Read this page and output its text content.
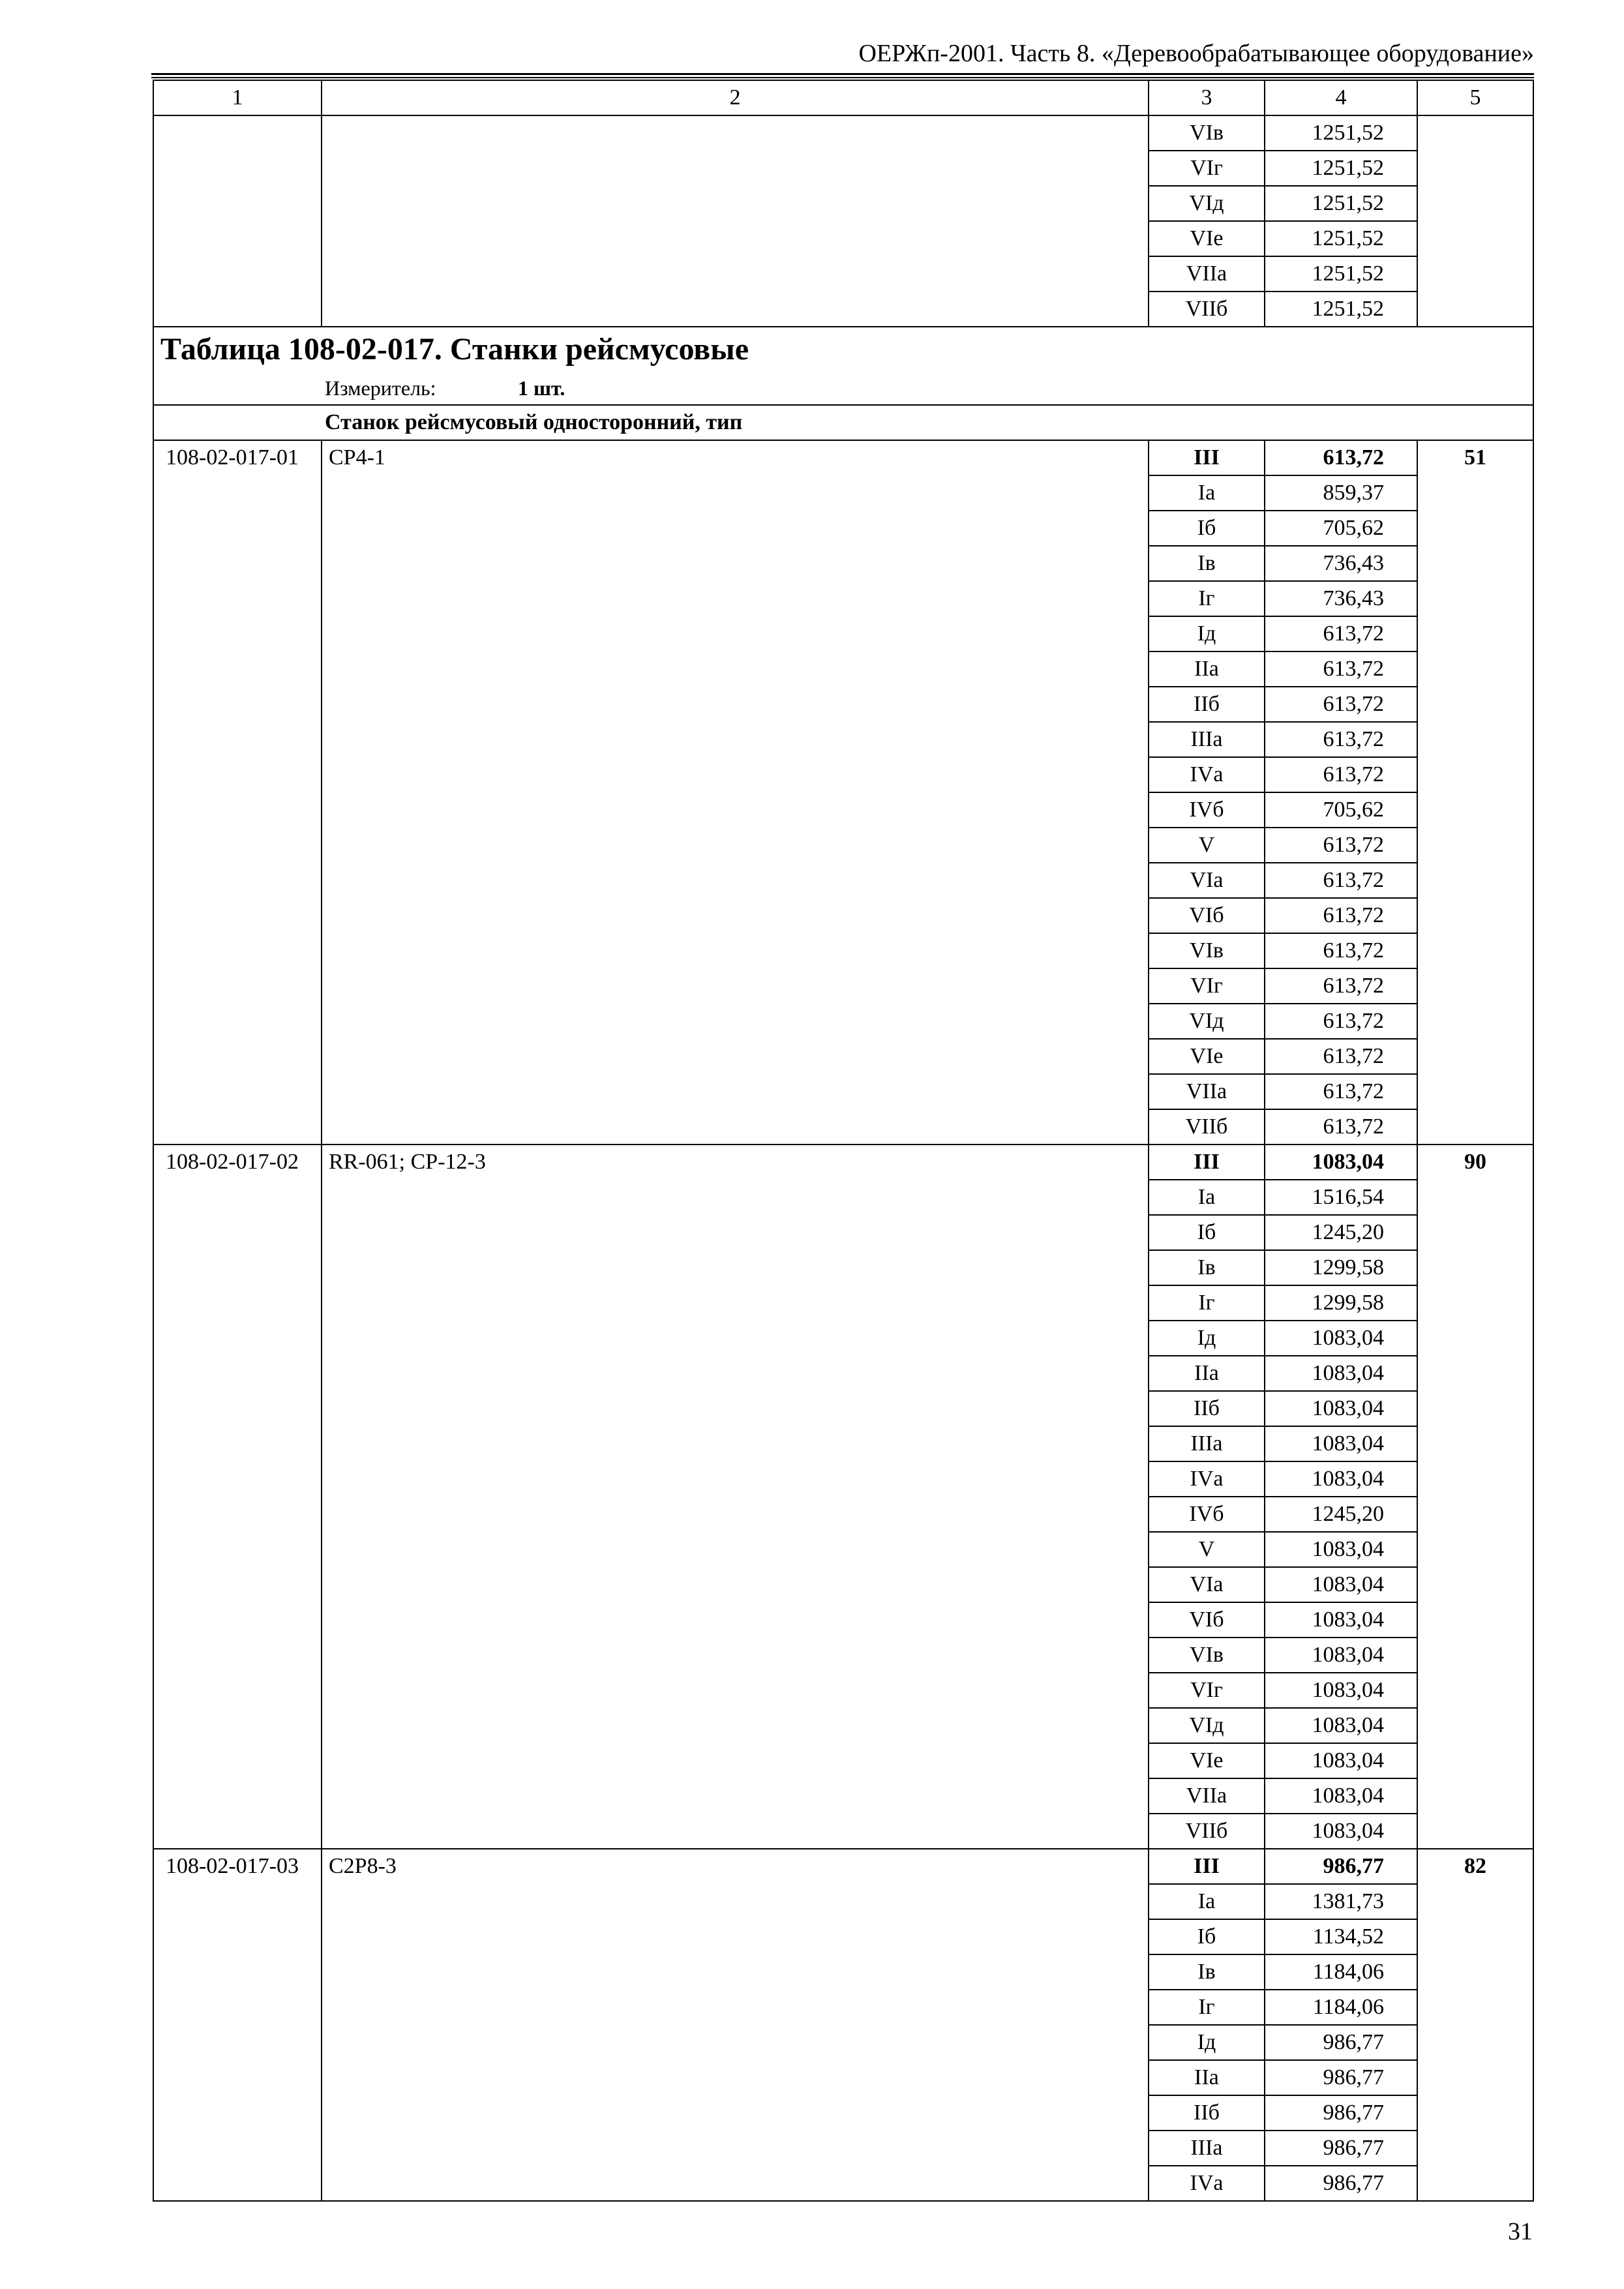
ОЕРЖп-2001. Часть 8. «Деревообрабатывающее оборудование»
1	2	3	4	5
		VIв	1251,52	
		VIг	1251,52	
		VIд	1251,52	
		VIе	1251,52	
		VIIа	1251,52	
		VIIб	1251,52	

Таблица 108-02-017. Станки рейсмусовые
Измеритель: 1 шт.				

Станок рейсмусовый односторонний, тип				
108-02-017-01	СР4-1	III	613,72	51
		Iа	859,37	
		Iб	705,62	
		Iв	736,43	
		Iг	736,43	
		Iд	613,72	
		IIа	613,72	
		IIб	613,72	
		IIIа	613,72	
		IVа	613,72	
		IVб	705,62	
		V	613,72	
		VIа	613,72	
		VIб	613,72	
		VIв	613,72	
		VIг	613,72	
		VIд	613,72	
		VIе	613,72	
		VIIа	613,72	
		VIIб	613,72	
108-02-017-02	RR-061; СР-12-3	III	1083,04	90
		Iа	1516,54	
		Iб	1245,20	
		Iв	1299,58	
		Iг	1299,58	
		Iд	1083,04	
		IIа	1083,04	
		IIб	1083,04	
		IIIа	1083,04	
		IVа	1083,04	
		IVб	1245,20	
		V	1083,04	
		VIа	1083,04	
		VIб	1083,04	
		VIв	1083,04	
		VIг	1083,04	
		VIд	1083,04	
		VIе	1083,04	
		VIIа	1083,04	
		VIIб	1083,04	
108-02-017-03	С2Р8-3	III	986,77	82
		Iа	1381,73	
		Iб	1134,52	
		Iв	1184,06	
		Iг	1184,06	
		Iд	986,77	
		IIа	986,77	
		IIб	986,77	
		IIIа	986,77	
		IVа	986,77	
31
